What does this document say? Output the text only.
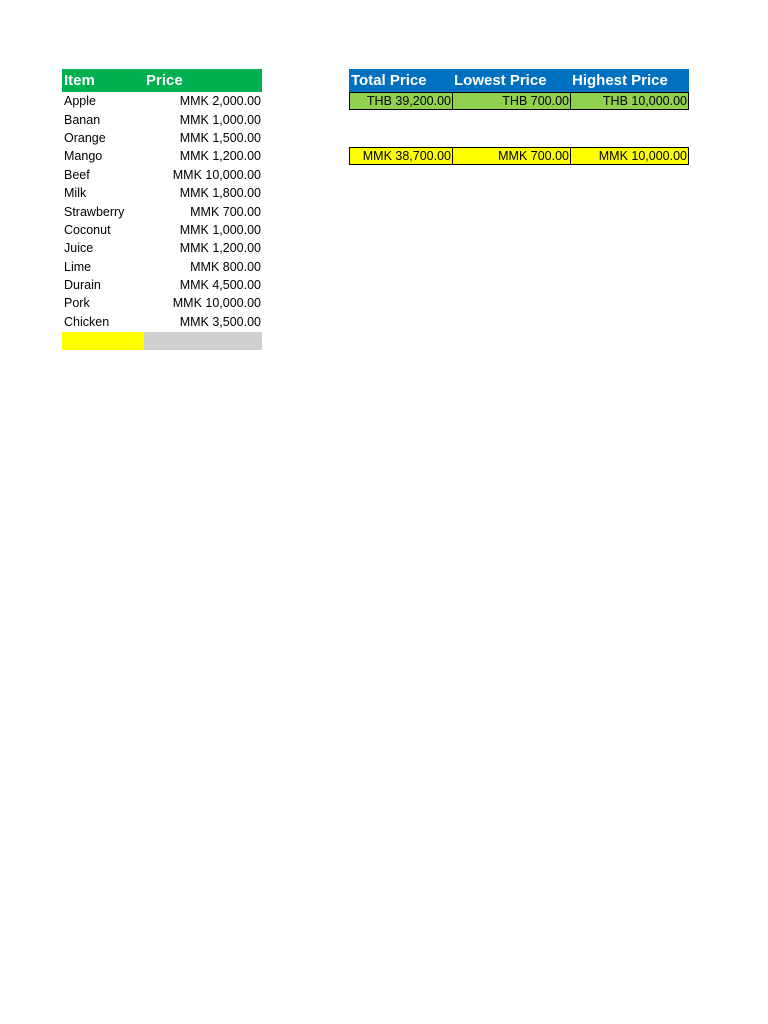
Item	Price
Apple	MMK 2,000.00
Banan	MMK 1,000.00
Orange	MMK 1,500.00
Mango	MMK 1,200.00
Beef	MMK 10,000.00
Milk	MMK 1,800.00
Strawberry	MMK 700.00
Coconut	MMK 1,000.00
Juice	MMK 1,200.00
Lime	MMK 800.00
Durain	MMK 4,500.00
Pork	MMK 10,000.00
Chicken	MMK 3,500.00
Total Price	Lowest Price	Highest Price
THB 39,200.00	THB 700.00	THB 10,000.00
MMK 38,700.00	MMK 700.00	MMK 10,000.00
